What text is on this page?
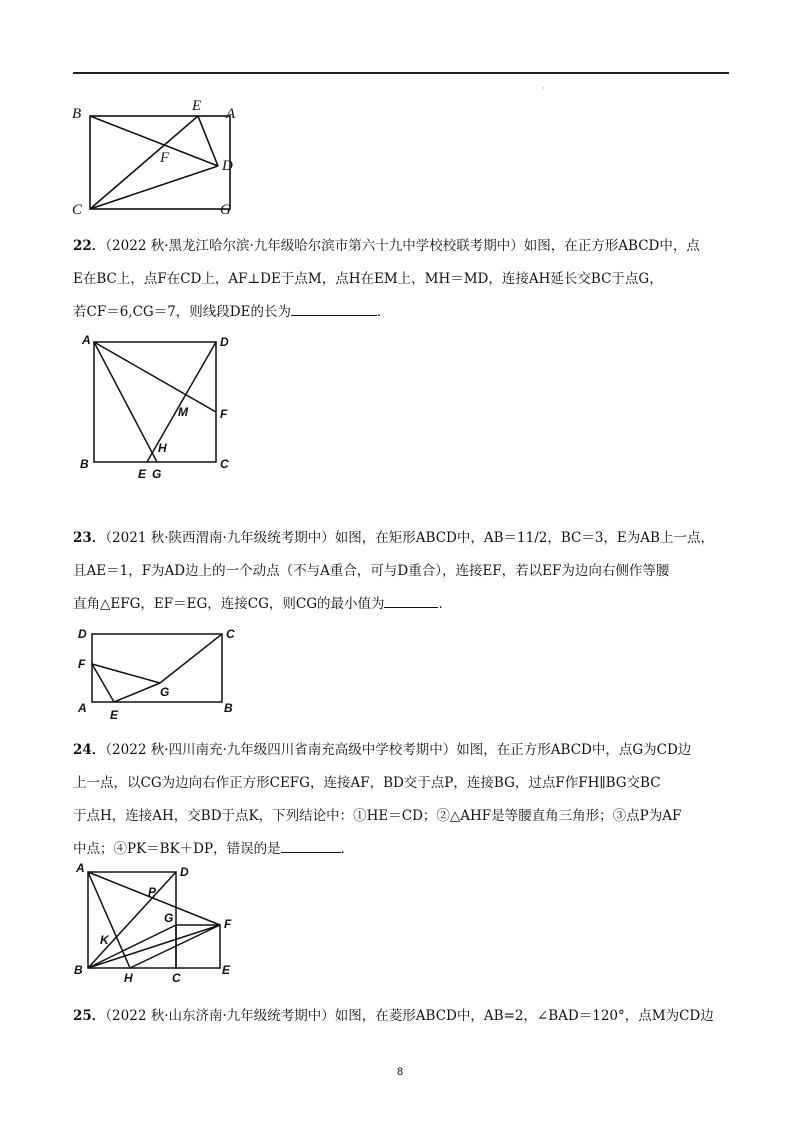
·
B	E A
F	D
C	G
22．（2022 秋·黑龙江哈尔滨·九年级哈尔滨市第六十九中学校校联考期中）如图，在正方形ABCD中，点
E在BC上，点F在CD上，AF⊥DE于点M，点H在EM上，MH＝MD，连接AH延长交BC于点G，
若CF＝6,CG＝7，则线段DE的长为	．
A	D
M	F
H
B
E G
C
23．（2021 秋·陕西渭南·九年级统考期中）如图，在矩形ABCD中，AB＝11/2，BC＝3，E为AB上一点，
且AE＝1，F为AD边上的一个动点（不与A重合，可与D重合），连接EF，若以EF为边向右侧作等腰
直角△EFG，EF＝EG，连接CG，则CG的最小值为	．
D	C
F
G
A E	B
24．（2022 秋·四川南充·九年级四川省南充高级中学校考期中）如图，在正方形ABCD中，点G为CD边
上一点，以CG为边向右作正方形CEFG，连接AF，BD交于点P，连接BG，过点F作FH∥BG交BC
于点H，连接AH，交BD于点K，下列结论中：①HE＝CD；②△AHF是等腰直角三角形；③点P为AF
中点；④PK＝BK＋DP，错误的是	．
A	D
P
G	F
K
B
H	C
E
25．（2022 秋·山东济南·九年级统考期中）如图，在菱形ABCD中，AB=2，∠BAD＝120°，点M为CD边
8
